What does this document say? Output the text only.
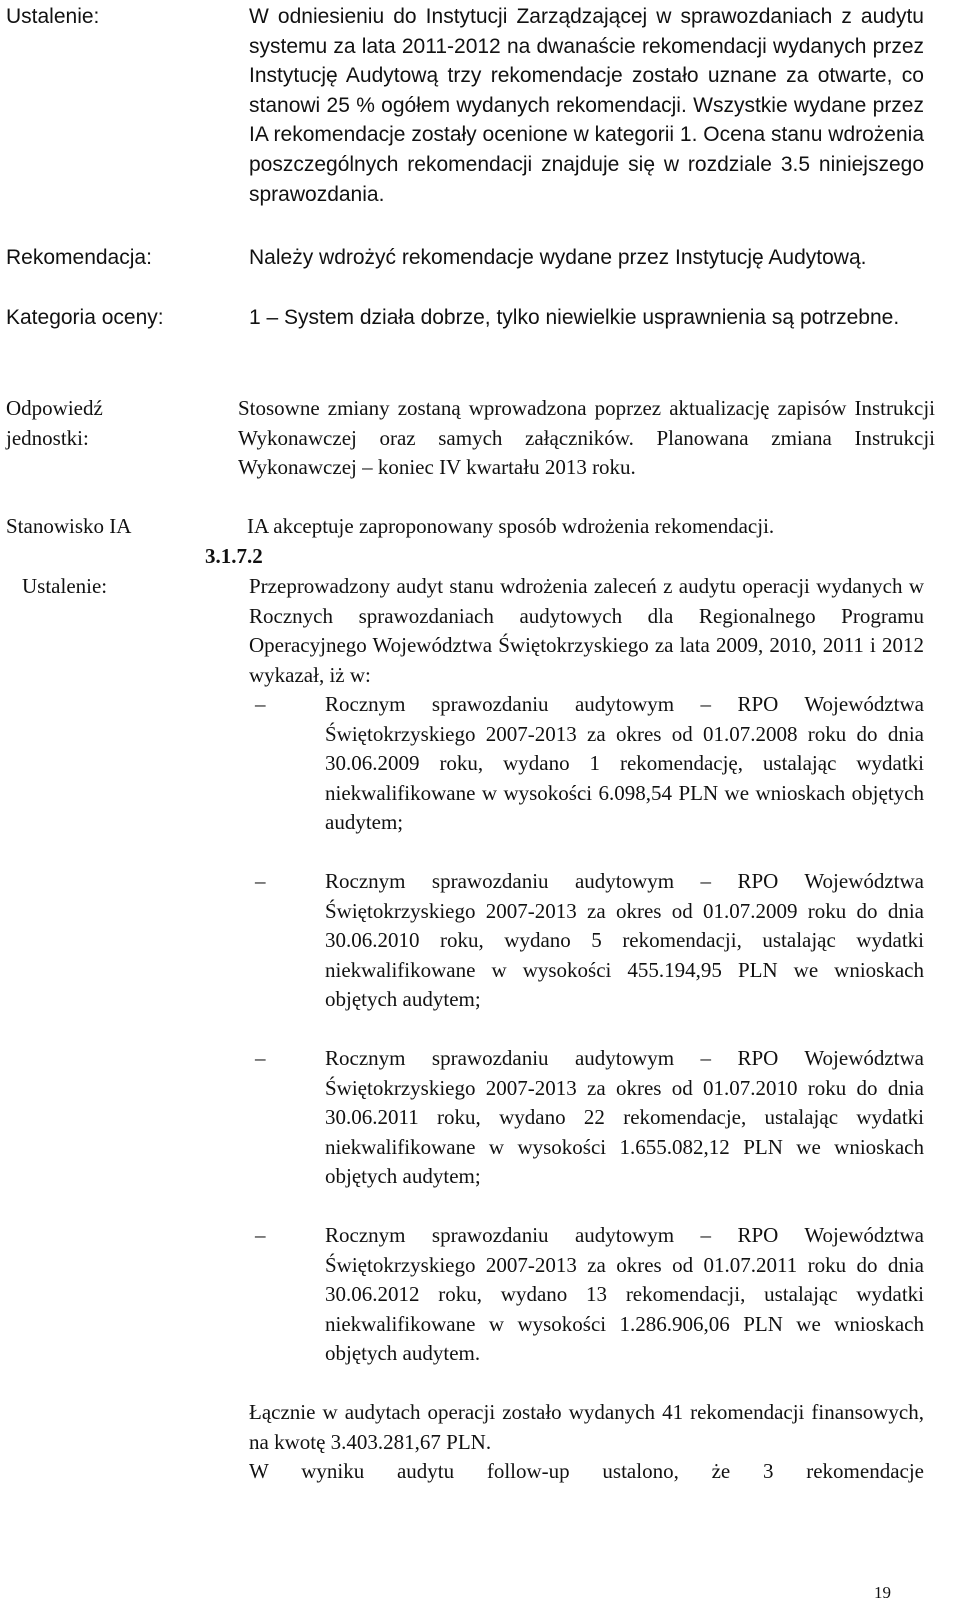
Ustalenie:	W odniesieniu do Instytucji Zarządzającej w sprawozdaniach z audytu systemu za lata 2011-2012 na dwanaście rekomendacji wydanych przez Instytucję Audytową trzy rekomendacje zostało uznane za otwarte, co stanowi 25 % ogółem wydanych rekomendacji. Wszystkie wydane przez IA rekomendacje zostały ocenione w kategorii 1. Ocena stanu wdrożenia poszczególnych rekomendacji znajduje się w rozdziale 3.5 niniejszego sprawozdania.

Rekomendacja:	Należy wdrożyć rekomendacje wydane przez Instytucję Audytową.

Kategoria oceny:	1 – System działa dobrze, tylko niewielkie usprawnienia są potrzebne.

Odpowiedź
jednostki:

Stosowne zmiany zostaną wprowadzona poprzez aktualizację zapisów Instrukcji Wykonawczej oraz samych załączników. Planowana zmiana Instrukcji Wykonawczej – koniec IV kwartału 2013 roku.

Stanowisko IA	IA akceptuje zaproponowany sposób wdrożenia rekomendacji.
3.1.7.2
Ustalenie:	Przeprowadzony audyt stanu wdrożenia zaleceń z audytu operacji wydanych w Rocznych sprawozdaniach audytowych dla Regionalnego Programu Operacyjnego Województwa Świętokrzyskiego za lata 2009, 2010, 2011 i 2012 wykazał, iż w:

–	Rocznym sprawozdaniu audytowym – RPO Województwa Świętokrzyskiego 2007-2013 za okres od 01.07.2008 roku do dnia 30.06.2009 roku, wydano 1 rekomendację, ustalając wydatki niekwalifikowane w wysokości 6.098,54 PLN we wnioskach objętych audytem;
–	Rocznym sprawozdaniu audytowym – RPO Województwa Świętokrzyskiego 2007-2013 za okres od 01.07.2009 roku do dnia 30.06.2010 roku, wydano 5 rekomendacji, ustalając wydatki niekwalifikowane w wysokości 455.194,95 PLN we wnioskach objętych audytem;
–	Rocznym sprawozdaniu audytowym – RPO Województwa Świętokrzyskiego 2007-2013 za okres od 01.07.2010 roku do dnia 30.06.2011 roku, wydano 22 rekomendacje, ustalając wydatki niekwalifikowane w wysokości 1.655.082,12 PLN we wnioskach objętych audytem;
–	Rocznym sprawozdaniu audytowym – RPO Województwa Świętokrzyskiego 2007-2013 za okres od 01.07.2011 roku do dnia 30.06.2012 roku, wydano 13 rekomendacji, ustalając wydatki niekwalifikowane w wysokości 1.286.906,06 PLN we wnioskach objętych audytem.

Łącznie w audytach operacji zostało wydanych 41 rekomendacji finansowych, na kwotę 3.403.281,67 PLN.

W wyniku audytu follow-up ustalono, że 3 rekomendacje

19
